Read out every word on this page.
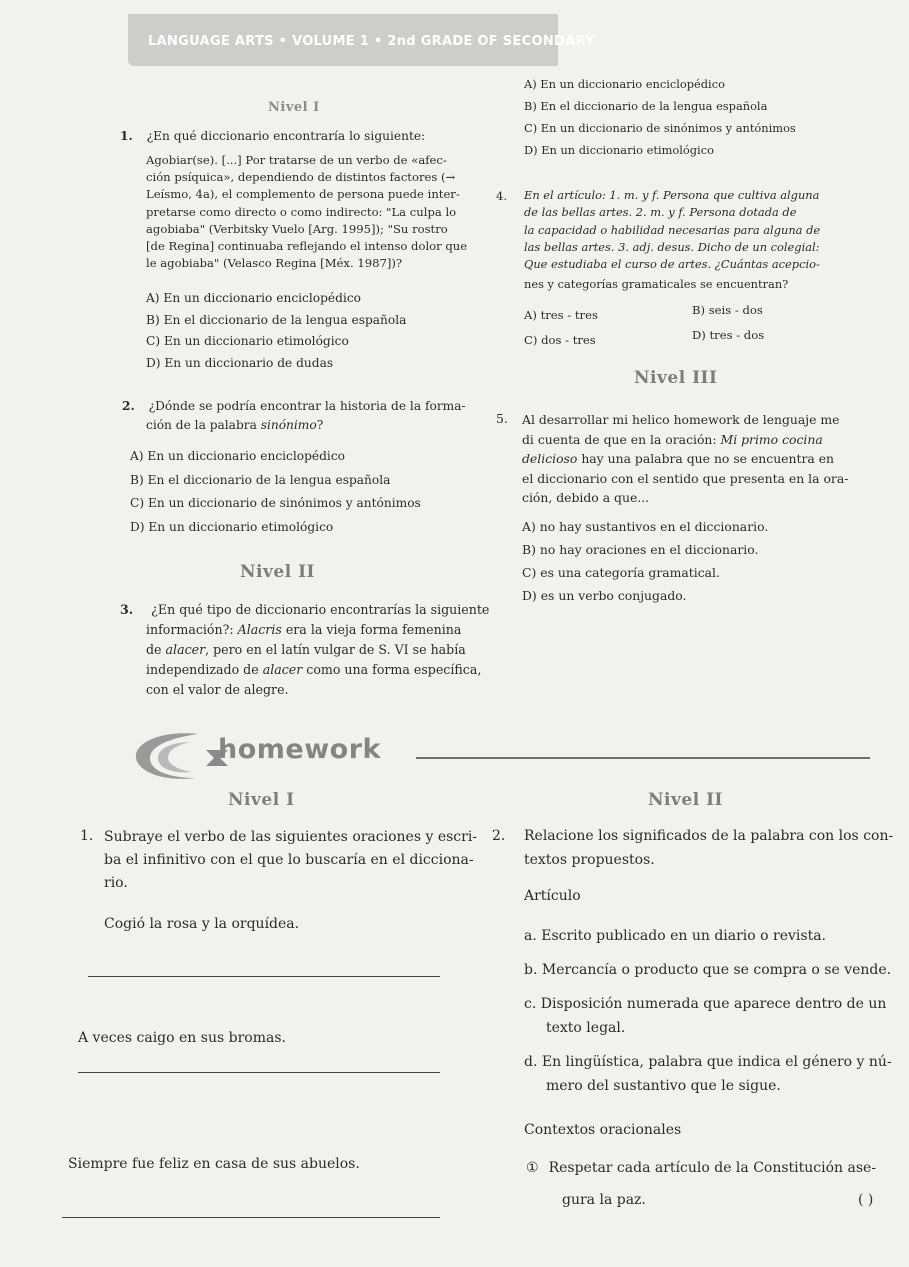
LANGUAGE ARTS • VOLUME 1 • 2nd GRADE OF SECONDARY
Nivel I
1. ¿En qué diccionario encontraría lo siguiente:
Agobiar(se). [...] Por tratarse de un verbo de «afec-
ción psíquica», dependiendo de distintos factores (→
Leísmo, 4a), el complemento de persona puede inter-
pretarse como directo o como indirecto: "La culpa lo
agobiaba" (Verbitsky Vuelo [Arg. 1995]); "Su rostro
[de Regina] continuaba reflejando el intenso dolor que
le agobiaba" (Velasco Regina [Méx. 1987])?
A) En un diccionario enciclopédico
B) En el diccionario de la lengua española
C) En un diccionario etimológico
D) En un diccionario de dudas
2. ¿Dónde se podría encontrar la historia de la forma-
ción de la palabra sinónimo?
A) En un diccionario enciclopédico
B) En el diccionario de la lengua española
C) En un diccionario de sinónimos y antónimos
D) En un diccionario etimológico
Nivel II
3. ¿En qué tipo de diccionario encontrarías la siguiente
información?: Alacris era la vieja forma femenina
de alacer, pero en el latín vulgar de S. VI se había
independizado de alacer como una forma específica,
con el valor de alegre.
A) En un diccionario enciclopédico
B) En el diccionario de la lengua española
C) En un diccionario de sinónimos y antónimos
D) En un diccionario etimológico
4. En el artículo: 1. m. y f. Persona que cultiva alguna
de las bellas artes. 2. m. y f. Persona dotada de
la capacidad o habilidad necesarias para alguna de
las bellas artes. 3. adj. desus. Dicho de un colegial:
Que estudiaba el curso de artes. ¿Cuántas acepcio-
nes y categorías gramaticales se encuentran?
A) tres - tres	B) seis - dos
C) dos - tres	D) tres - dos
Nivel III
5. Al desarrollar mi helico homework de lenguaje me
di cuenta de que en la oración: Mi primo cocina
delicioso hay una palabra que no se encuentra en
el diccionario con el sentido que presenta en la ora-
ción, debido a que...
A) no hay sustantivos en el diccionario.
B) no hay oraciones en el diccionario.
C) es una categoría gramatical.
D) es un verbo conjugado.
homework
Nivel I	Nivel II
1. Subraye el verbo de las siguientes oraciones y escri-
ba el infinitivo con el que lo buscaría en el diccionа-
rio.
Cogió la rosa y la orquídea.
A veces caigo en sus bromas.
Siempre fue feliz en casa de sus abuelos.
2. Relacione los significados de la palabra con los con-
textos propuestos.
Artículo
a. Escrito publicado en un diario o revista.
b. Mercancía o producto que se compra o se vende.
c. Disposición numerada que aparece dentro de un
texto legal.
d. En lingüística, palabra que indica el género y nú-
mero del sustantivo que le sigue.
Contextos oracionales
① Respetar cada artículo de la Constitución ase-
gura la paz.	( )
